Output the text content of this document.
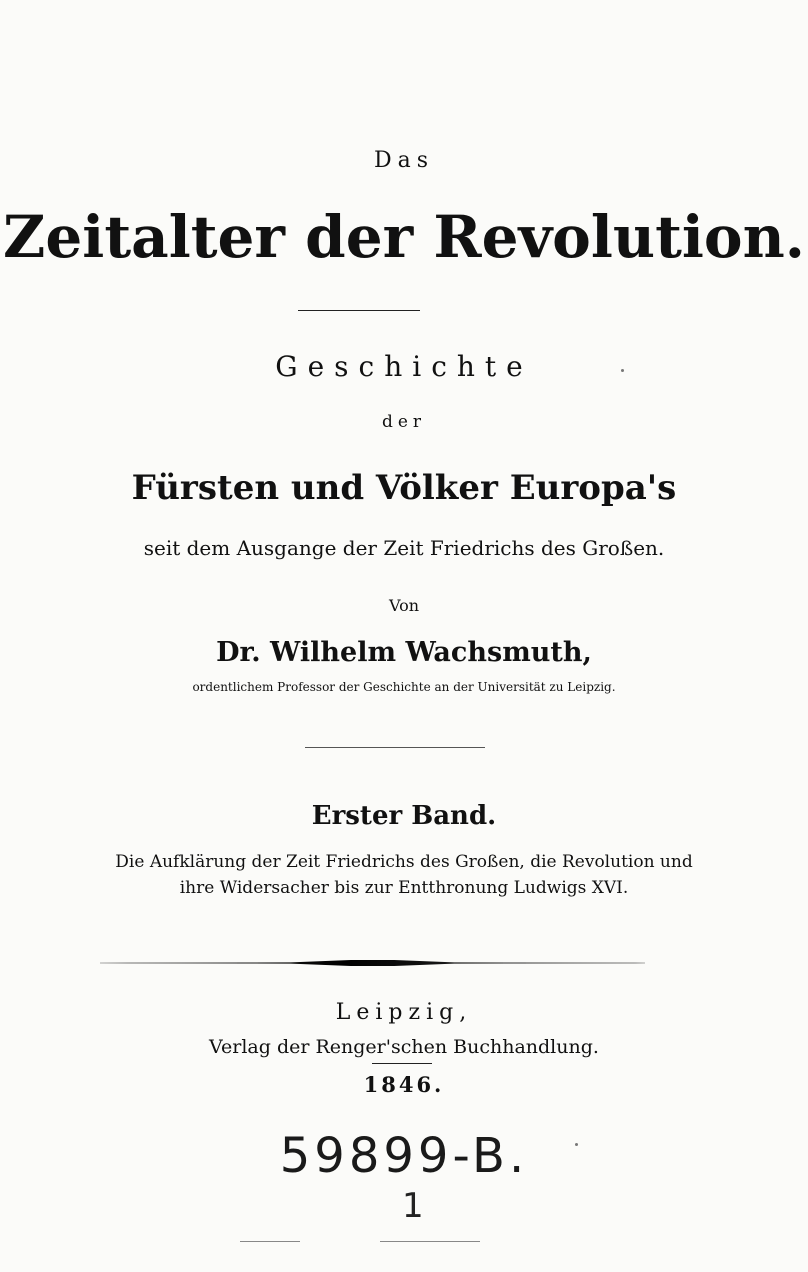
Das
Zeitalter der Revolution.
Geschichte
der
Fürsten und Völker Europa's
seit dem Ausgange der Zeit Friedrichs des Großen.
Von
Dr. Wilhelm Wachsmuth,
ordentlichem Professor der Geschichte an der Universität zu Leipzig.
Erster Band.
Die Aufklärung der Zeit Friedrichs des Großen, die Revolution und
ihre Widersacher bis zur Entthronung Ludwigs XVI.
Leipzig,
Verlag der Renger'schen Buchhandlung.
1846.
59899-B.
1
